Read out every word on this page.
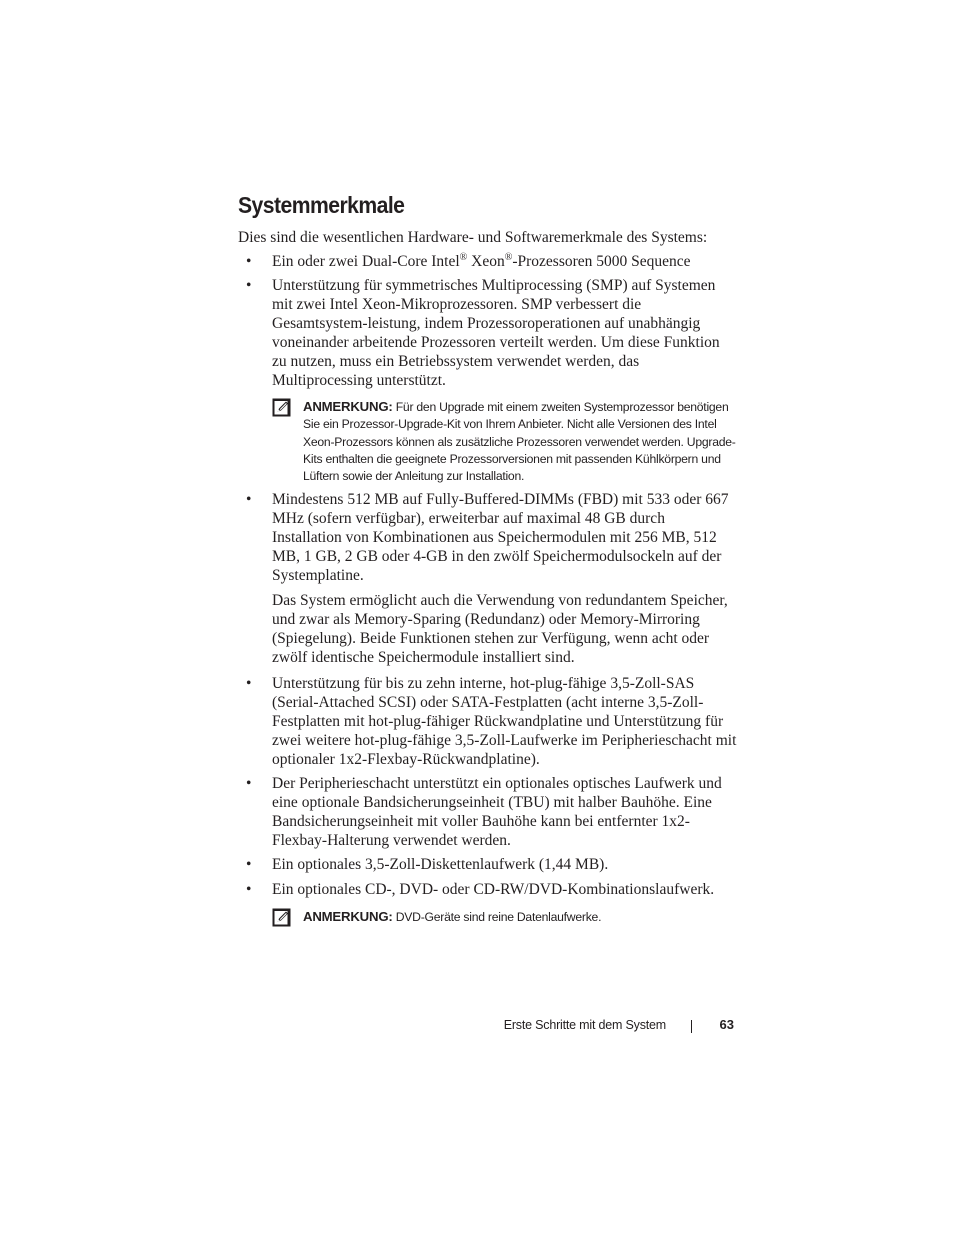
Systemmerkmale

Dies sind die wesentlichen Hardware- und Softwaremerkmale des Systems:

• Ein oder zwei Dual-Core Intel® Xeon®-Prozessoren 5000 Sequence

• Unterstützung für symmetrisches Multiprocessing (SMP) auf Systemen mit zwei Intel Xeon-Mikroprozessoren. SMP verbessert die Gesamtsystem-leistung, indem Prozessoroperationen auf unabhängig voneinander arbeitende Prozessoren verteilt werden. Um diese Funktion zu nutzen, muss ein Betriebssystem verwendet werden, das Multiprocessing unterstützt.

ANMERKUNG: Für den Upgrade mit einem zweiten Systemprozessor benötigen Sie ein Prozessor-Upgrade-Kit von Ihrem Anbieter. Nicht alle Versionen des Intel Xeon-Prozessors können als zusätzliche Prozessoren verwendet werden. Upgrade-Kits enthalten die geeignete Prozessorversionen mit passenden Kühlkörpern und Lüftern sowie der Anleitung zur Installation.
• Mindestens 512 MB auf Fully-Buffered-DIMMs (FBD) mit 533 oder 667 MHz (sofern verfügbar), erweiterbar auf maximal 48 GB durch Installation von Kombinationen aus Speichermodulen mit 256 MB, 512 MB, 1 GB, 2 GB oder 4-GB in den zwölf Speichermodulsockeln auf der Systemplatine.

Das System ermöglicht auch die Verwendung von redundantem Speicher, und zwar als Memory-Sparing (Redundanz) oder Memory-Mirroring (Spiegelung). Beide Funktionen stehen zur Verfügung, wenn acht oder zwölf identische Speichermodule installiert sind.

• Unterstützung für bis zu zehn interne, hot-plug-fähige 3,5-Zoll-SAS (Serial-Attached SCSI) oder SATA-Festplatten (acht interne 3,5-Zoll-Festplatten mit hot-plug-fähiger Rückwandplatine und Unterstützung für zwei weitere hot-plug-fähige 3,5-Zoll-Laufwerke im Peripherieschacht mit optionaler 1x2-Flexbay-Rückwandplatine).

• Der Peripherieschacht unterstützt ein optionales optisches Laufwerk und eine optionale Bandsicherungseinheit (TBU) mit halber Bauhöhe. Eine Bandsicherungseinheit mit voller Bauhöhe kann bei entfernter 1x2-Flexbay-Halterung verwendet werden.

• Ein optionales 3,5-Zoll-Diskettenlaufwerk (1,44 MB).

• Ein optionales CD-, DVD- oder CD-RW/DVD-Kombinationslaufwerk.

ANMERKUNG: DVD-Geräte sind reine Datenlaufwerke.
Erste Schritte mit dem System	63
